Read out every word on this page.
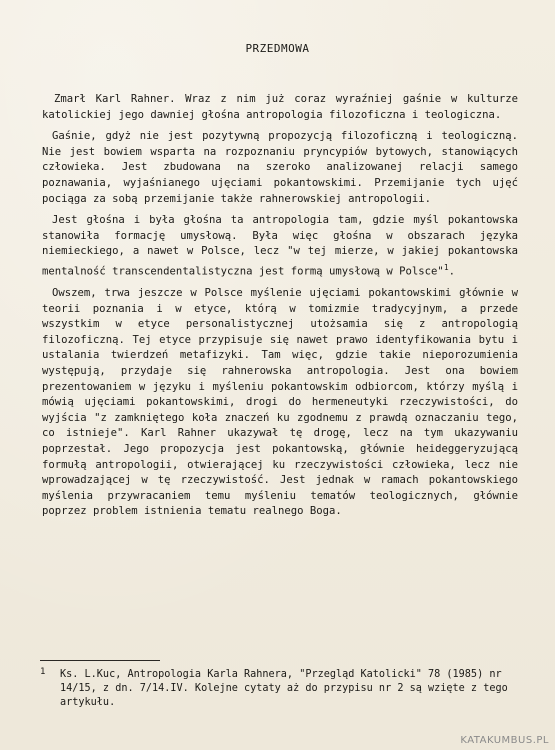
PRZEDMOWA

Zmarł Karl Rahner. Wraz z nim już coraz wyraźniej gaśnie w kulturze katolickiej jego dawniej głośna antropologia filozoficzna i teologiczna.

Gaśnie, gdyż nie jest pozytywną propozycją filozoficzną i teologiczną. Nie jest bowiem wsparta na rozpoznaniu pryncypiów bytowych, stanowiących człowieka. Jest zbudowana na szeroko analizowanej relacji samego poznawania, wyjaśnianego ujęciami pokantowskimi. Przemijanie tych ujęć pociąga za sobą przemijanie także rahnerowskiej antropologii.

Jest głośna i była głośna ta antropologia tam, gdzie myśl pokantowska stanowiła formację umysłową. Była więc głośna w obszarach języka niemieckiego, a nawet w Polsce, lecz "w tej mierze, w jakiej pokantowska mentalność transcendentalistyczna jest formą umysłową w Polsce"$^1$.

Owszem, trwa jeszcze w Polsce myślenie ujęciami pokantowskimi głównie w teorii poznania i w etyce, którą w tomizmie tradycyjnym, a przede wszystkim w etyce personalistycznej utożsamia się z antropologią filozoficzną. Tej etyce przypisuje się nawet prawo identyfikowania bytu i ustalania twierdzeń metafizyki. Tam więc, gdzie takie nieporozumienia występują, przydaje się rahnerowska antropologia. Jest ona bowiem prezentowaniem w języku i myśleniu pokantowskim odbiorcom, którzy myślą i mówią ujęciami pokantowskimi, drogi do hermeneutyki rzeczywistości, do wyjścia "z zamkniętego koła znaczeń ku zgodnemu z prawdą oznaczaniu tego, co istnieje". Karl Rahner ukazywał tę drogę, lecz na tym ukazywaniu poprzestał. Jego propozycja jest pokantowską, głównie heideggeryzującą formułą antropologii, otwierającej ku rzeczywistości człowieka, lecz nie wprowadzającej w tę rzeczywistość. Jest jednak w ramach pokantowskiego myślenia przywracaniem temu myśleniu tematów teologicznych, głównie poprzez problem istnienia tematu realnego Boga.

1 Ks. L.Kuc, Antropologia Karla Rahnera, "Przegląd Katolicki" 78 (1985) nr 14/15, z dn. 7/14.IV. Kolejne cytaty aż do przypisu nr 2 są wzięte z tego artykułu.
KATAKUMBUS.PL
